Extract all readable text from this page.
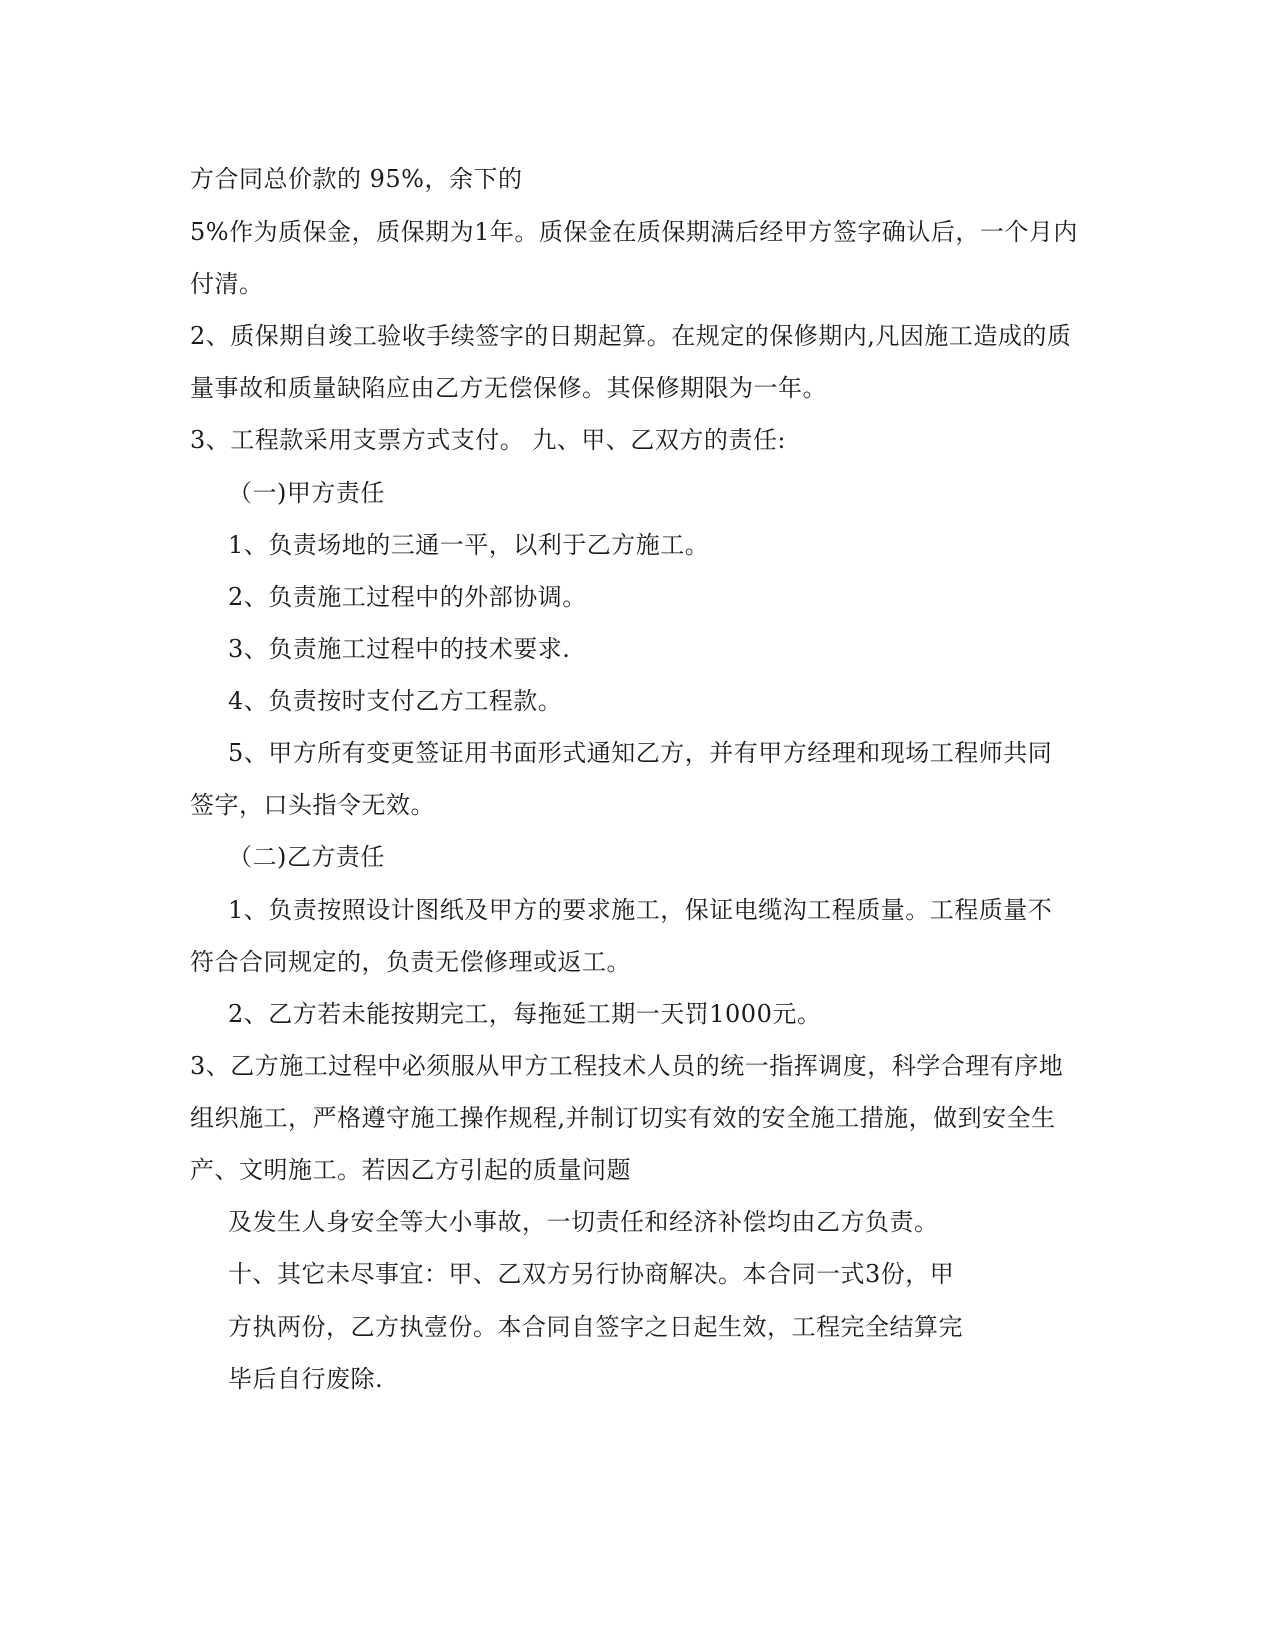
方合同总价款的 95%，余下的
5%作为质保金，质保期为1年。质保金在质保期满后经甲方签字确认后，一个月内
付清。
2、质保期自竣工验收手续签字的日期起算。在规定的保修期内,凡因施工造成的质
量事故和质量缺陷应由乙方无偿保修。其保修期限为一年。
3、工程款采用支票方式支付。 九、甲、乙双方的责任:
（一)甲方责任
1、负责场地的三通一平，以利于乙方施工。
2、负责施工过程中的外部协调。
3、负责施工过程中的技术要求.
4、负责按时支付乙方工程款。
5、甲方所有变更签证用书面形式通知乙方，并有甲方经理和现场工程师共同
签字，口头指令无效。
（二)乙方责任
1、负责按照设计图纸及甲方的要求施工，保证电缆沟工程质量。工程质量不
符合合同规定的，负责无偿修理或返工。
2、乙方若未能按期完工，每拖延工期一天罚1000元。
3、乙方施工过程中必须服从甲方工程技术人员的统一指挥调度，科学合理有序地
组织施工，严格遵守施工操作规程,并制订切实有效的安全施工措施，做到安全生
产、文明施工。若因乙方引起的质量问题
及发生人身安全等大小事故，一切责任和经济补偿均由乙方负责。
十、其它未尽事宜：甲、乙双方另行协商解决。本合同一式3份，甲
方执两份，乙方执壹份。本合同自签字之日起生效，工程完全结算完
毕后自行废除.
